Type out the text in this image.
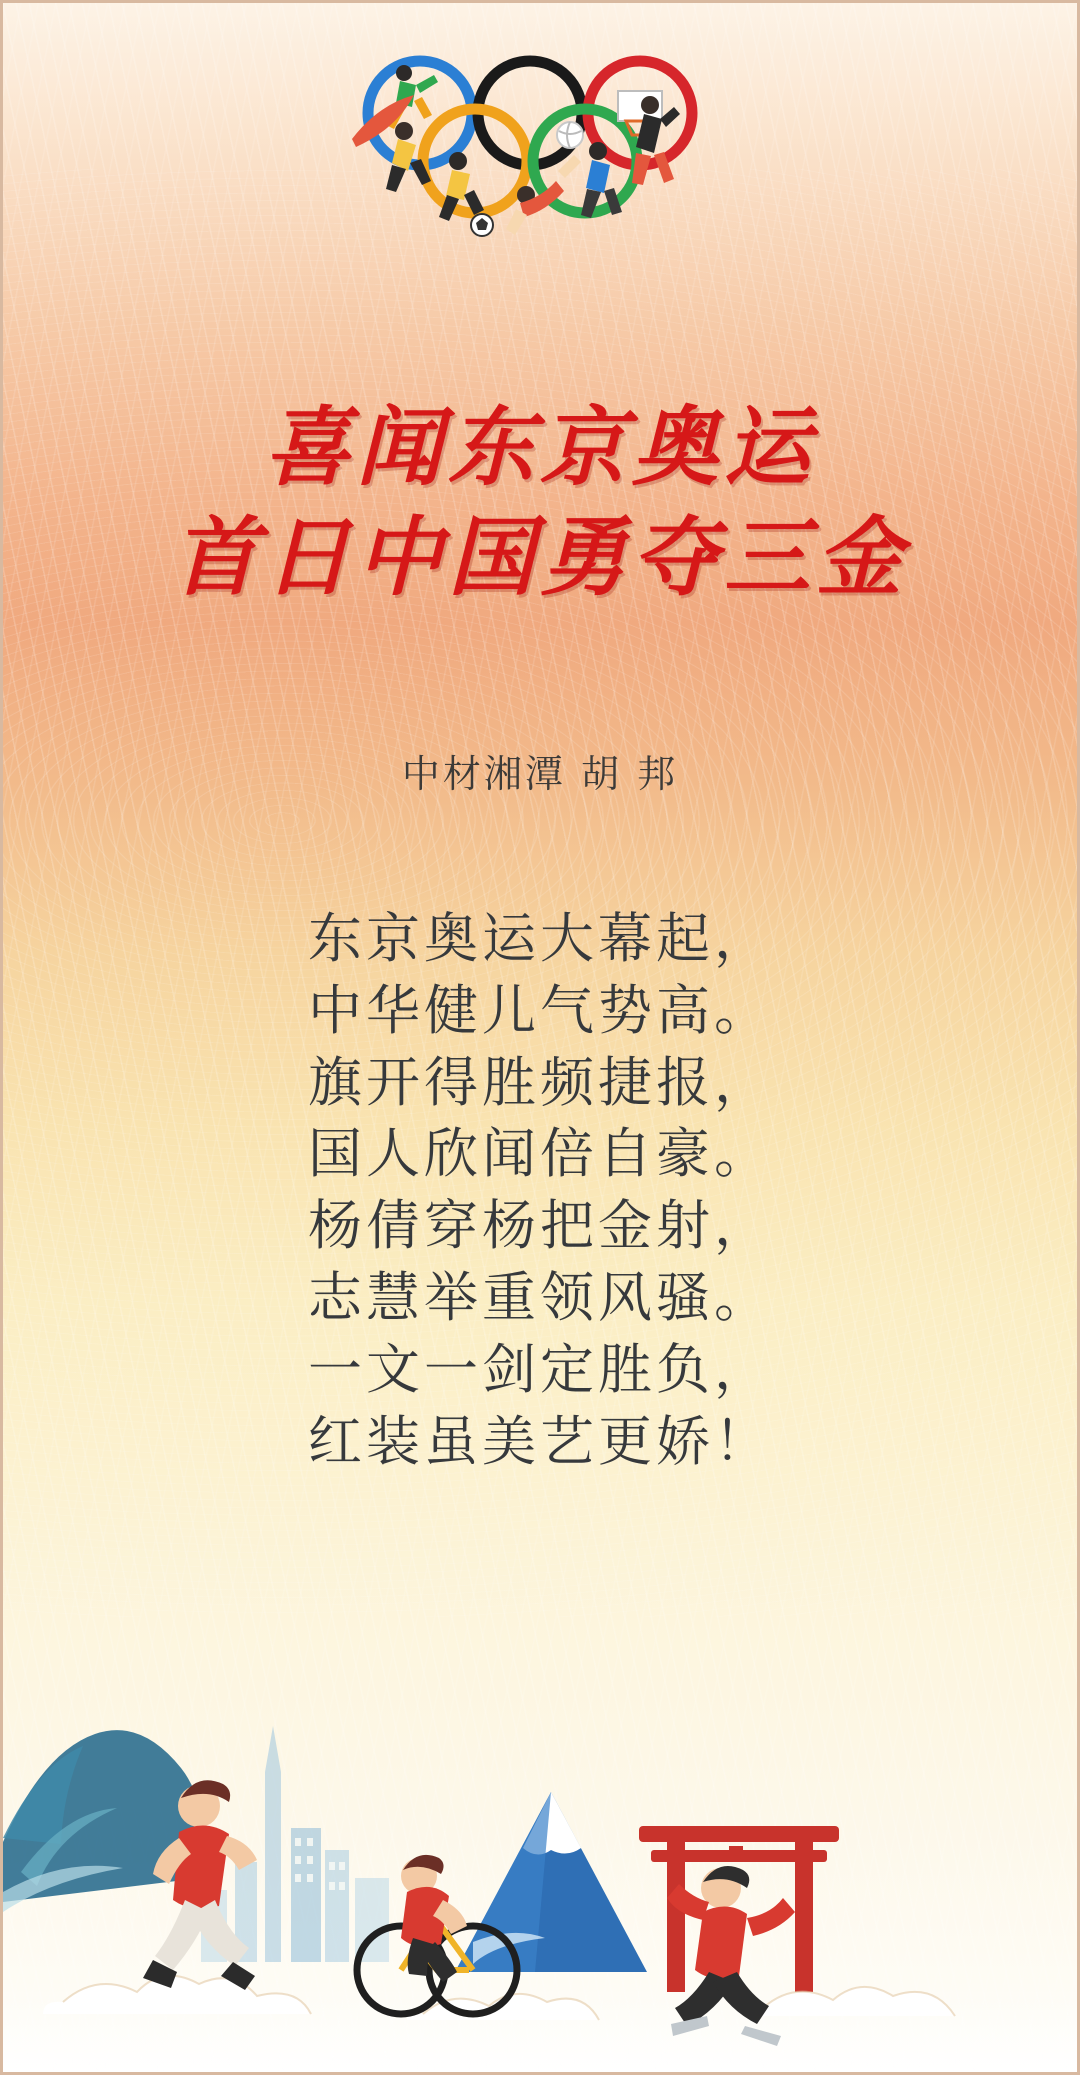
喜闻东京奥运
首日中国勇夺三金
中材湘潭 胡 邦
东京奥运大幕起，
中华健儿气势高。
旗开得胜频捷报，
国人欣闻倍自豪。
杨倩穿杨把金射，
志慧举重领风骚。
一文一剑定胜负，
红装虽美艺更娇！
